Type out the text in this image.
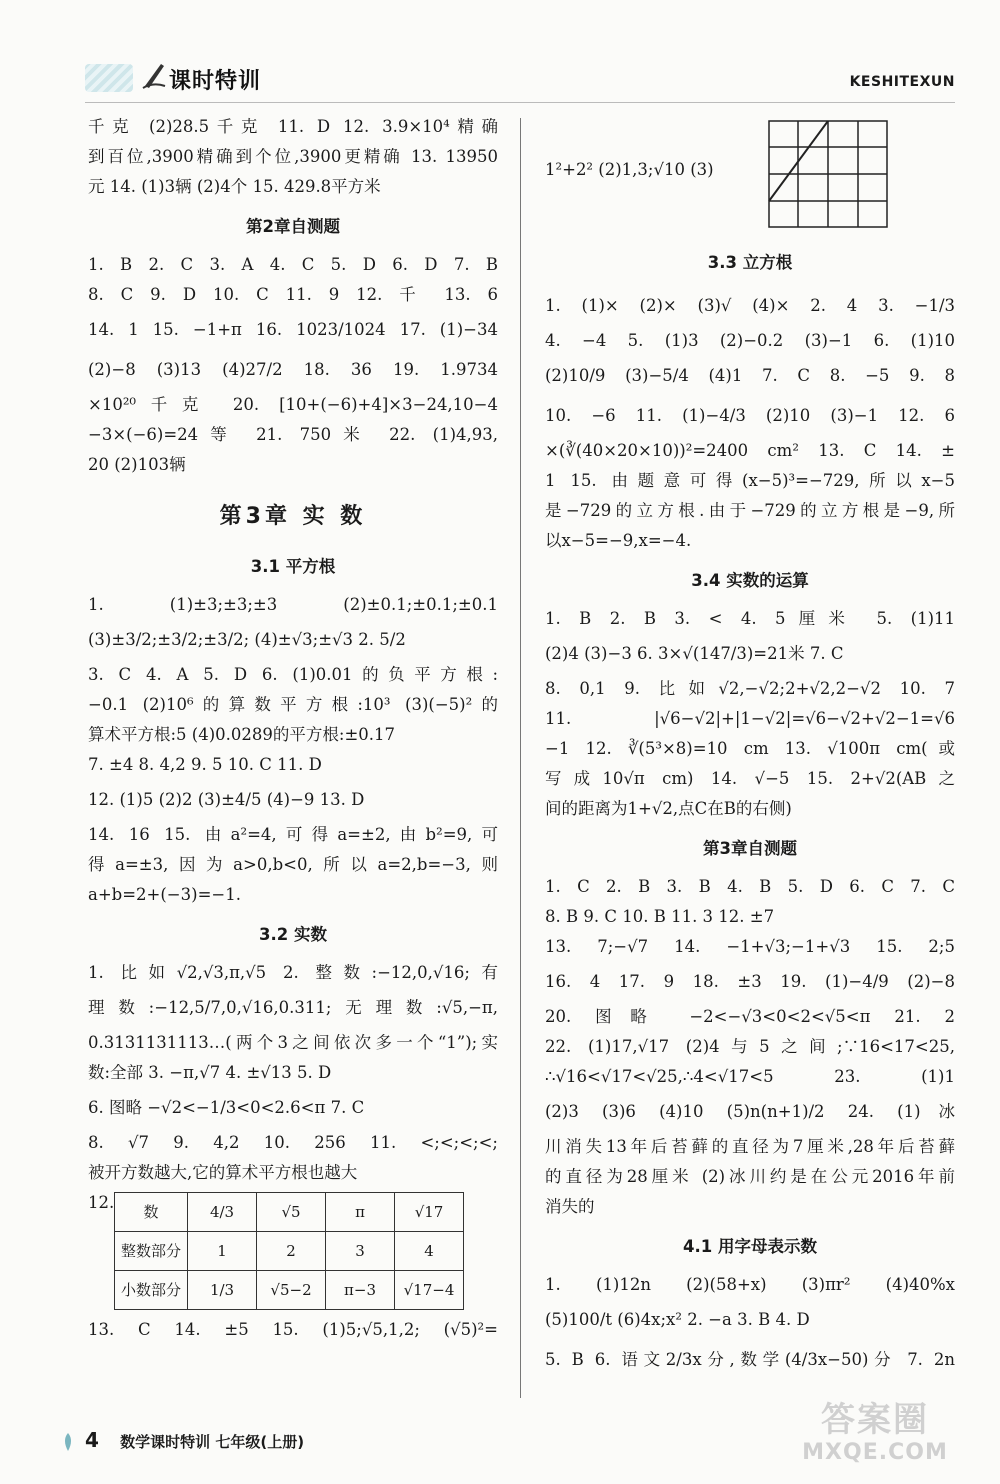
课时特训	KESHITEXUN
千克 (2)28.5千克 11. D 12. 3.9×10⁴精确
到百位,3900精确到个位,3900更精确 13. 13950
元 14. (1)3辆 (2)4个 15. 429.8平方米
第2章自测题
1. B 2. C 3. A 4. C 5. D 6. D 7. B
8. C 9. D 10. C 11. 9 12. 千 13. 6
14. 1 15. −1+π 16. 1023/1024 17. (1)−34
(2)−8 (3)13 (4)27/2 18. 36 19. 1.9734
×10²⁰千克 20. [10+(−6)+4]×3−24,10−4
−3×(−6)=24等 21. 750米 22. (1)4,93,
20 (2)103辆
第3章 实 数
3.1 平方根
1. (1)±3;±3;±3 (2)±0.1;±0.1;±0.1
(3)±3/2;±3/2;±3/2; (4)±√3;±√3 2. 5/2
3. C 4. A 5. D 6. (1)0.01的负平方根:
−0.1 (2)10⁶的算数平方根:10³ (3)(−5)²的
算术平方根:5 (4)0.0289的平方根:±0.17
7. ±4 8. 4,2 9. 5 10. C 11. D
12. (1)5 (2)2 (3)±4/5 (4)−9 13. D
14. 16 15. 由a²=4,可得a=±2,由b²=9,可
得a=±3,因为a>0,b<0,所以a=2,b=−3,则
a+b=2+(−3)=−1.
3.2 实数
1. 比如√2,√3,π,√5 2. 整数:−12,0,√16;有
理数:−12,5/7,0,√16,0.311;无理数:√5,−π,
0.3131131113…(两个3之间依次多一个“1”);实
数:全部 3. −π,√7 4. ±√13 5. D
6. 图略 −√2<−1/3<0<2.6<π 7. C
8. √7 9. 4,2 10. 256 11. <;<;<;<;
被开方数越大,它的算术平方根也越大
12.	数	4/3	√5	π	√17
整数部分	1	2	3	4
小数部分	1/3	√5−2	π−3	√17−4
13. C 14. ±5 15. (1)5;√5,1,2; (√5)²=
1²+2² (2)1,3;√10 (3)
3.3 立方根
1. (1)× (2)× (3)√ (4)× 2. 4 3. −1/3
4. −4 5. (1)3 (2)−0.2 (3)−1 6. (1)10
(2)10/9 (3)−5/4 (4)1 7. C 8. −5 9. 8
10. −6 11. (1)−4/3 (2)10 (3)−1 12. 6
×(∛(40×20×10))²=2400 cm² 13. C 14. ±
1 15. 由题意可得(x−5)³=−729,所以x−5
是−729的立方根.由于−729的立方根是−9,所
以x−5=−9,x=−4.
3.4 实数的运算
1. B 2. B 3. < 4. 5厘米 5. (1)11
(2)4 (3)−3 6. 3×√(147/3)=21米 7. C
8. 0,1 9. 比如√2,−√2;2+√2,2−√2 10. 7
11. |√6−√2|+|1−√2|=√6−√2+√2−1=√6
−1 12. ∛(5³×8)=10 cm 13. √100π cm(或
写成10√π cm) 14. √−5 15. 2+√2(AB之
间的距离为1+√2,点C在B的右侧)
第3章自测题
1. C 2. B 3. B 4. B 5. D 6. C 7. C
8. B 9. C 10. B 11. 3 12. ±7
13. 7;−√7 14. −1+√3;−1+√3 15. 2;5
16. 4 17. 9 18. ±3 19. (1)−4/9 (2)−8
20. 图略 −2<−√3<0<2<√5<π 21. 2
22. (1)17,√17 (2)4与5之间;∵16<17<25,
∴√16<√17<√25,∴4<√17<5 23. (1)1
(2)3 (3)6 (4)10 (5)n(n+1)/2 24. (1)冰
川消失13年后苔藓的直径为7厘米,28年后苔藓
的直径为28厘米 (2)冰川约是在公元2016年前
消失的
4.1 用字母表示数
1. (1)12n (2)(58+x) (3)πr² (4)40%x
(5)100/t (6)4x;x² 2. −a 3. B 4. D
5. B 6. 语文2/3x分,数学(4/3x−50)分 7. 2n
4 数学课时特训 七年级(上册)
答案圈
MXQE.COM
